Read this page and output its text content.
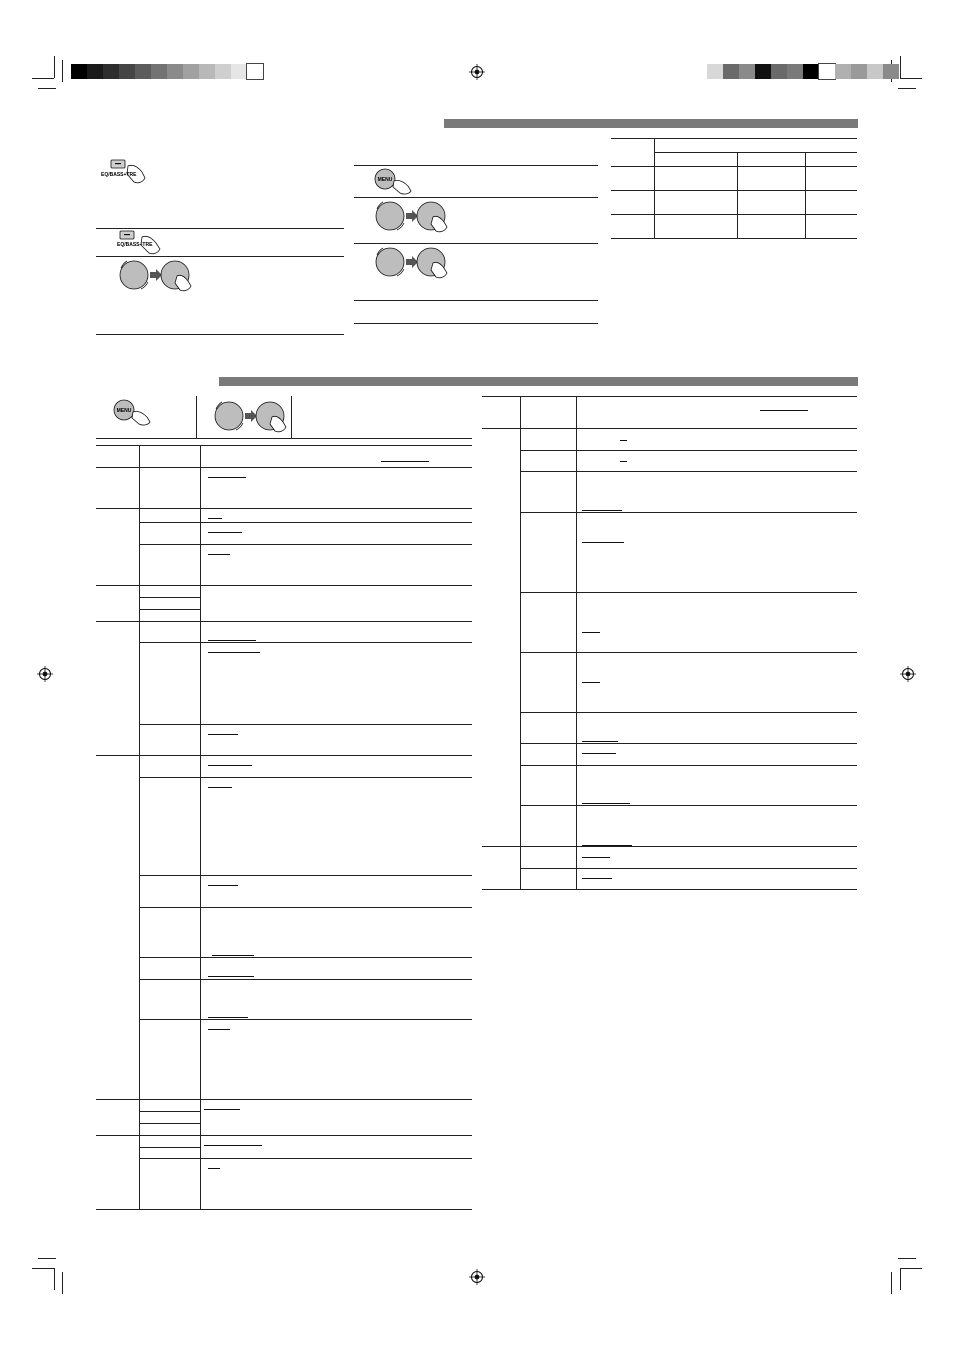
EQ/BASS+TRE
EQ/BASS+TRE
MENU
MENU
